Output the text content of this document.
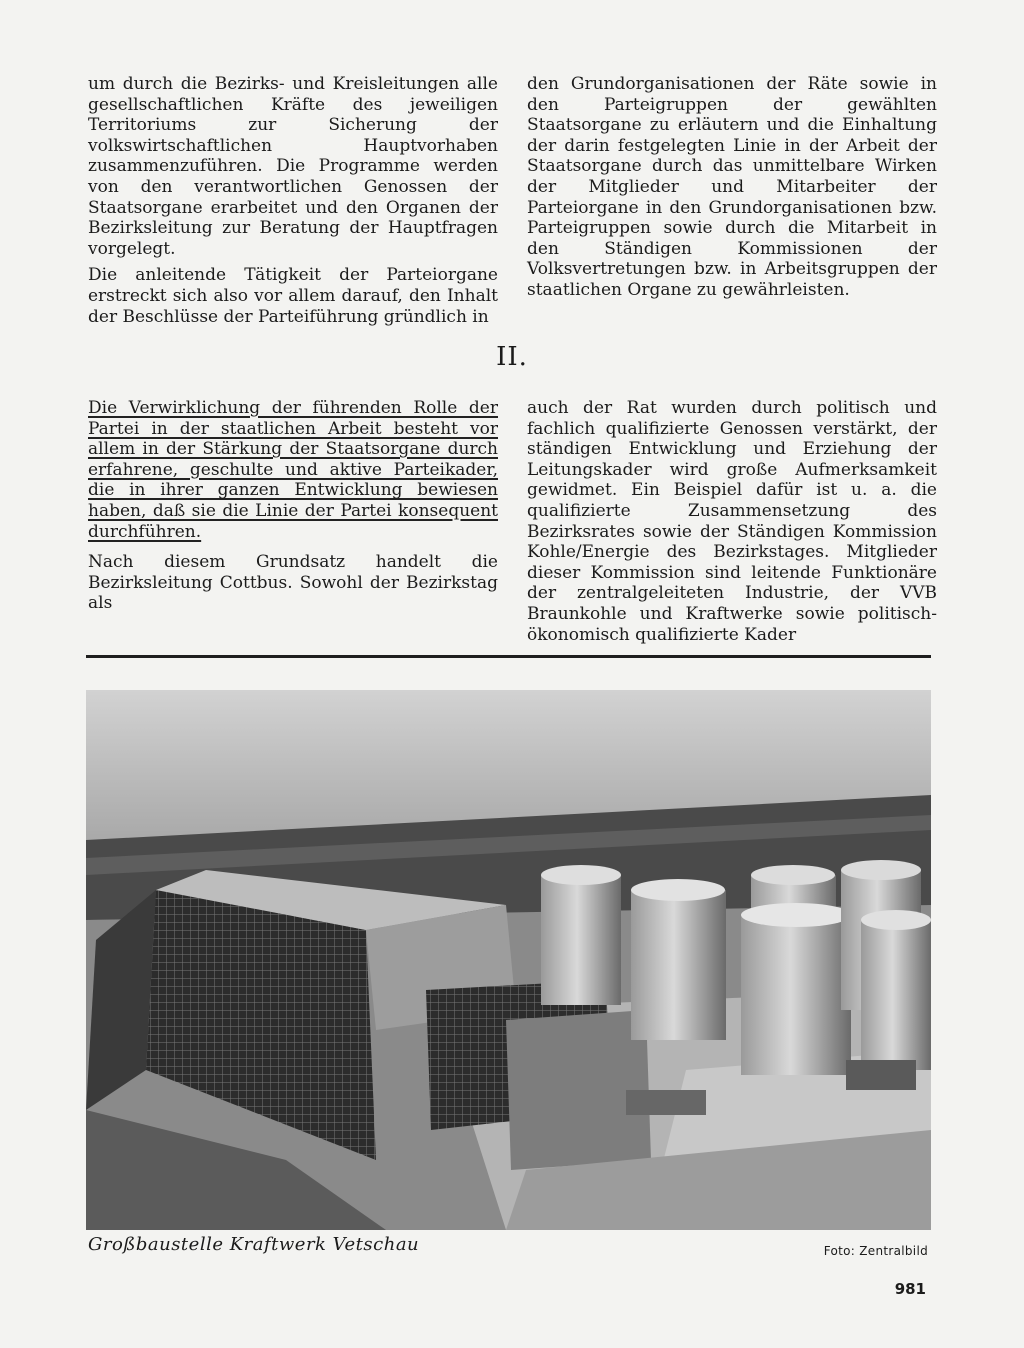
um durch die Bezirks- und Kreisleitungen alle gesellschaftlichen Kräfte des jeweiligen Territoriums zur Sicherung der volkswirtschaftlichen Hauptvorhaben zusammenzuführen. Die Programme werden von den verantwortlichen Genossen der Staatsorgane erarbeitet und den Organen der Bezirksleitung zur Beratung der Hauptfragen vorgelegt.

Die anleitende Tätigkeit der Parteiorgane erstreckt sich also vor allem darauf, den Inhalt der Beschlüsse der Parteiführung gründlich in

den Grundorganisationen der Räte sowie in den Parteigruppen der gewählten Staatsorgane zu erläutern und die Einhaltung der darin festgelegten Linie in der Arbeit der Staatsorgane durch das unmittelbare Wirken der Mitglieder und Mitarbeiter der Parteiorgane in den Grundorganisationen bzw. Parteigruppen sowie durch die Mitarbeit in den Ständigen Kommissionen der Volksvertretungen bzw. in Arbeitsgruppen der staatlichen Organe zu gewährleisten.

II.

Die Verwirklichung der führenden Rolle der Partei in der staatlichen Arbeit besteht vor allem in der Stärkung der Staatsorgane durch erfahrene, geschulte und aktive Parteikader, die in ihrer ganzen Entwicklung bewiesen haben, daß sie die Linie der Partei konsequent durchführen.

Nach diesem Grundsatz handelt die Bezirksleitung Cottbus. Sowohl der Bezirkstag als

auch der Rat wurden durch politisch und fachlich qualifizierte Genossen verstärkt, der ständigen Entwicklung und Erziehung der Leitungskader wird große Aufmerksamkeit gewidmet. Ein Beispiel dafür ist u. a. die qualifizierte Zusammensetzung des Bezirksrates sowie der Ständigen Kommission Kohle/Energie des Bezirkstages. Mitglieder dieser Kommission sind leitende Funktionäre der zentralgeleiteten Industrie, der VVB Braunkohle und Kraftwerke sowie politisch-ökonomisch qualifizierte Kader

Großbaustelle Kraftwerk Vetschau	Foto: Zentralbild
981
